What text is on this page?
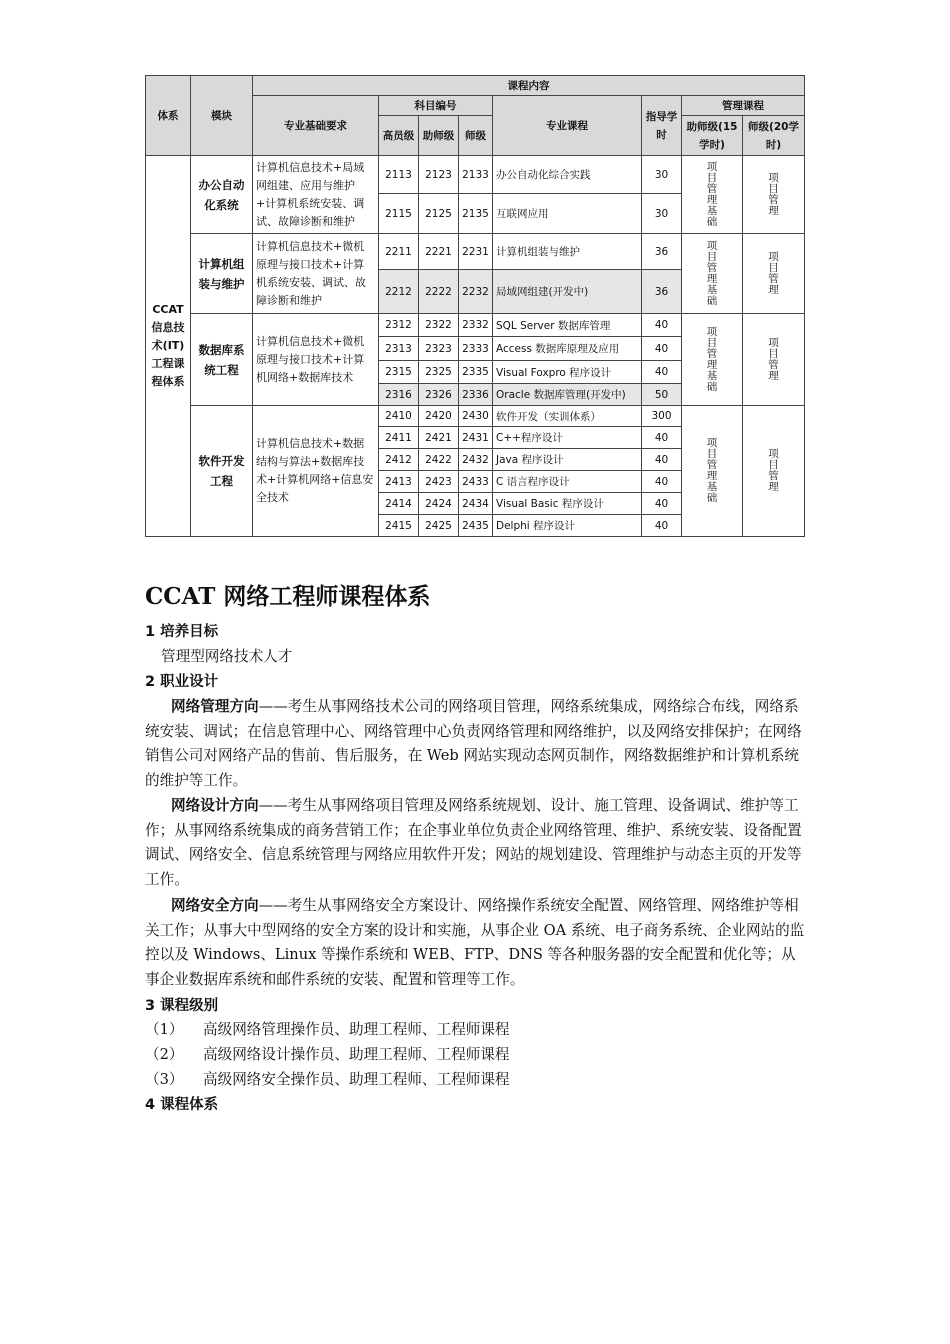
体系	模块	课程内容							
		专业基础要求	科目编号			专业课程	指导学时	管理课程	
			高员级	助师级	师级			助师级(15学时)	师级(20学时)
CCAT信息技术(IT)工程课程体系	办公自动化系统	计算机信息技术+局域网组建、应用与维护+计算机系统安装、调试、故障诊断和维护	2113	2123	2133	办公自动化综合实践	30	项目管理基础	项目管理
			2115	2125	2135	互联网应用	30		
	计算机组装与维护	计算机信息技术+微机原理与接口技术+计算机系统安装、调试、故障诊断和维护	2211	2221	2231	计算机组装与维护	36	项目管理基础	项目管理
			2212	2222	2232	局域网组建(开发中)	36		
	数据库系统工程	计算机信息技术+微机原理与接口技术+计算机网络+数据库技术	2312	2322	2332	SQL Server 数据库管理	40	项目管理基础	项目管理
			2313	2323	2333	Access 数据库原理及应用	40		
			2315	2325	2335	Visual Foxpro 程序设计	40		
			2316	2326	2336	Oracle 数据库管理(开发中)	50		
	软件开发工程	计算机信息技术+数据结构与算法+数据库技术+计算机网络+信息安全技术	2410	2420	2430	软件开发（实训体系）	300	项目管理基础	项目管理
			2411	2421	2431	C++程序设计	40		
			2412	2422	2432	Java 程序设计	40		
			2413	2423	2433	C 语言程序设计	40		
			2414	2424	2434	Visual Basic 程序设计	40		
			2415	2425	2435	Delphi 程序设计	40		
CCAT 网络工程师课程体系

1 培养目标

管理型网络技术人才

2 职业设计

网络管理方向——考生从事网络技术公司的网络项目管理，网络系统集成，网络综合布线，网络系统安装、调试；在信息管理中心、网络管理中心负责网络管理和网络维护，以及网络安排保护；在网络销售公司对网络产品的售前、售后服务，在 Web 网站实现动态网页制作，网络数据维护和计算机系统的维护等工作。

网络设计方向——考生从事网络项目管理及网络系统规划、设计、施工管理、设备调试、维护等工作；从事网络系统集成的商务营销工作；在企事业单位负责企业网络管理、维护、系统安装、设备配置调试、网络安全、信息系统管理与网络应用软件开发；网站的规划建设、管理维护与动态主页的开发等工作。

网络安全方向——考生从事网络安全方案设计、网络操作系统安全配置、网络管理、网络维护等相关工作；从事大中型网络的安全方案的设计和实施，从事企业 OA 系统、电子商务系统、企业网站的监控以及 Windows、Linux 等操作系统和 WEB、FTP、DNS 等各种服务器的安全配置和优化等；从事企业数据库系统和邮件系统的安装、配置和管理等工作。

3 课程级别

（1） 高级网络管理操作员、助理工程师、工程师课程
（2） 高级网络设计操作员、助理工程师、工程师课程
（3） 高级网络安全操作员、助理工程师、工程师课程

4 课程体系
